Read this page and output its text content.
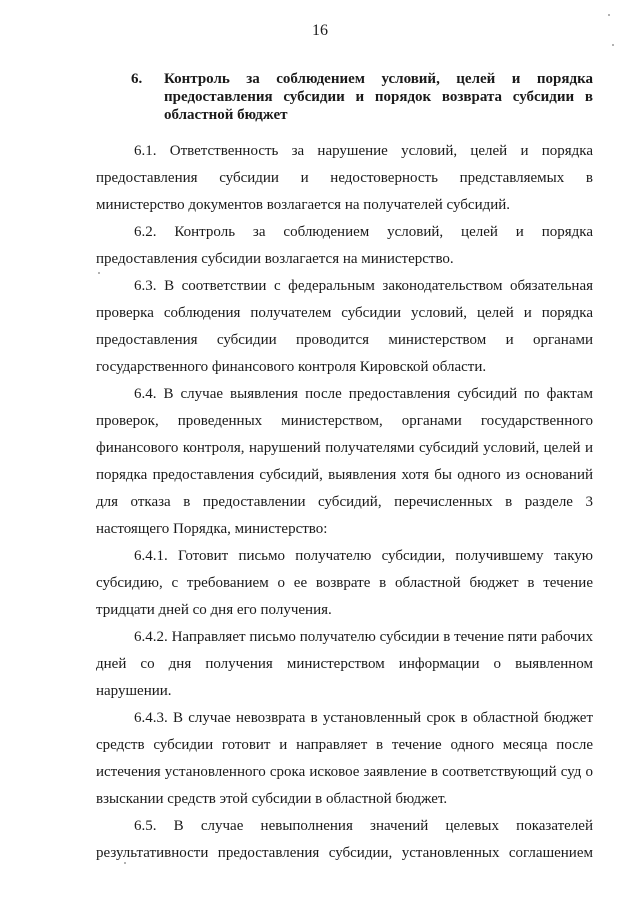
16
6. Контроль за соблюдением условий, целей и порядка предоставления субсидии и порядок возврата субсидии в областной бюджет

6.1. Ответственность за нарушение условий, целей и порядка предоставления субсидии и недостоверность представляемых в министерство документов возлагается на получателей субсидий.

6.2. Контроль за соблюдением условий, целей и порядка предоставления субсидии возлагается на министерство.

6.3. В соответствии с федеральным законодательством обязательная проверка соблюдения получателем субсидии условий, целей и порядка предоставления субсидии проводится министерством и органами государственного финансового контроля Кировской области.

6.4. В случае выявления после предоставления субсидий по фактам проверок, проведенных министерством, органами государственного финансового контроля, нарушений получателями субсидий условий, целей и порядка предоставления субсидий, выявления хотя бы одного из оснований для отказа в предоставлении субсидий, перечисленных в разделе 3 настоящего Порядка, министерство:

6.4.1. Готовит письмо получателю субсидии, получившему такую субсидию, с требованием о ее возврате в областной бюджет в течение тридцати дней со дня его получения.

6.4.2. Направляет письмо получателю субсидии в течение пяти рабочих дней со дня получения министерством информации о выявленном нарушении.

6.4.3. В случае невозврата в установленный срок в областной бюджет средств субсидии готовит и направляет в течение одного месяца после истечения установленного срока исковое заявление в соответствующий суд о взыскании средств этой субсидии в областной бюджет.

6.5. В случае невыполнения значений целевых показателей результативности предоставления субсидии, установленных соглашением
